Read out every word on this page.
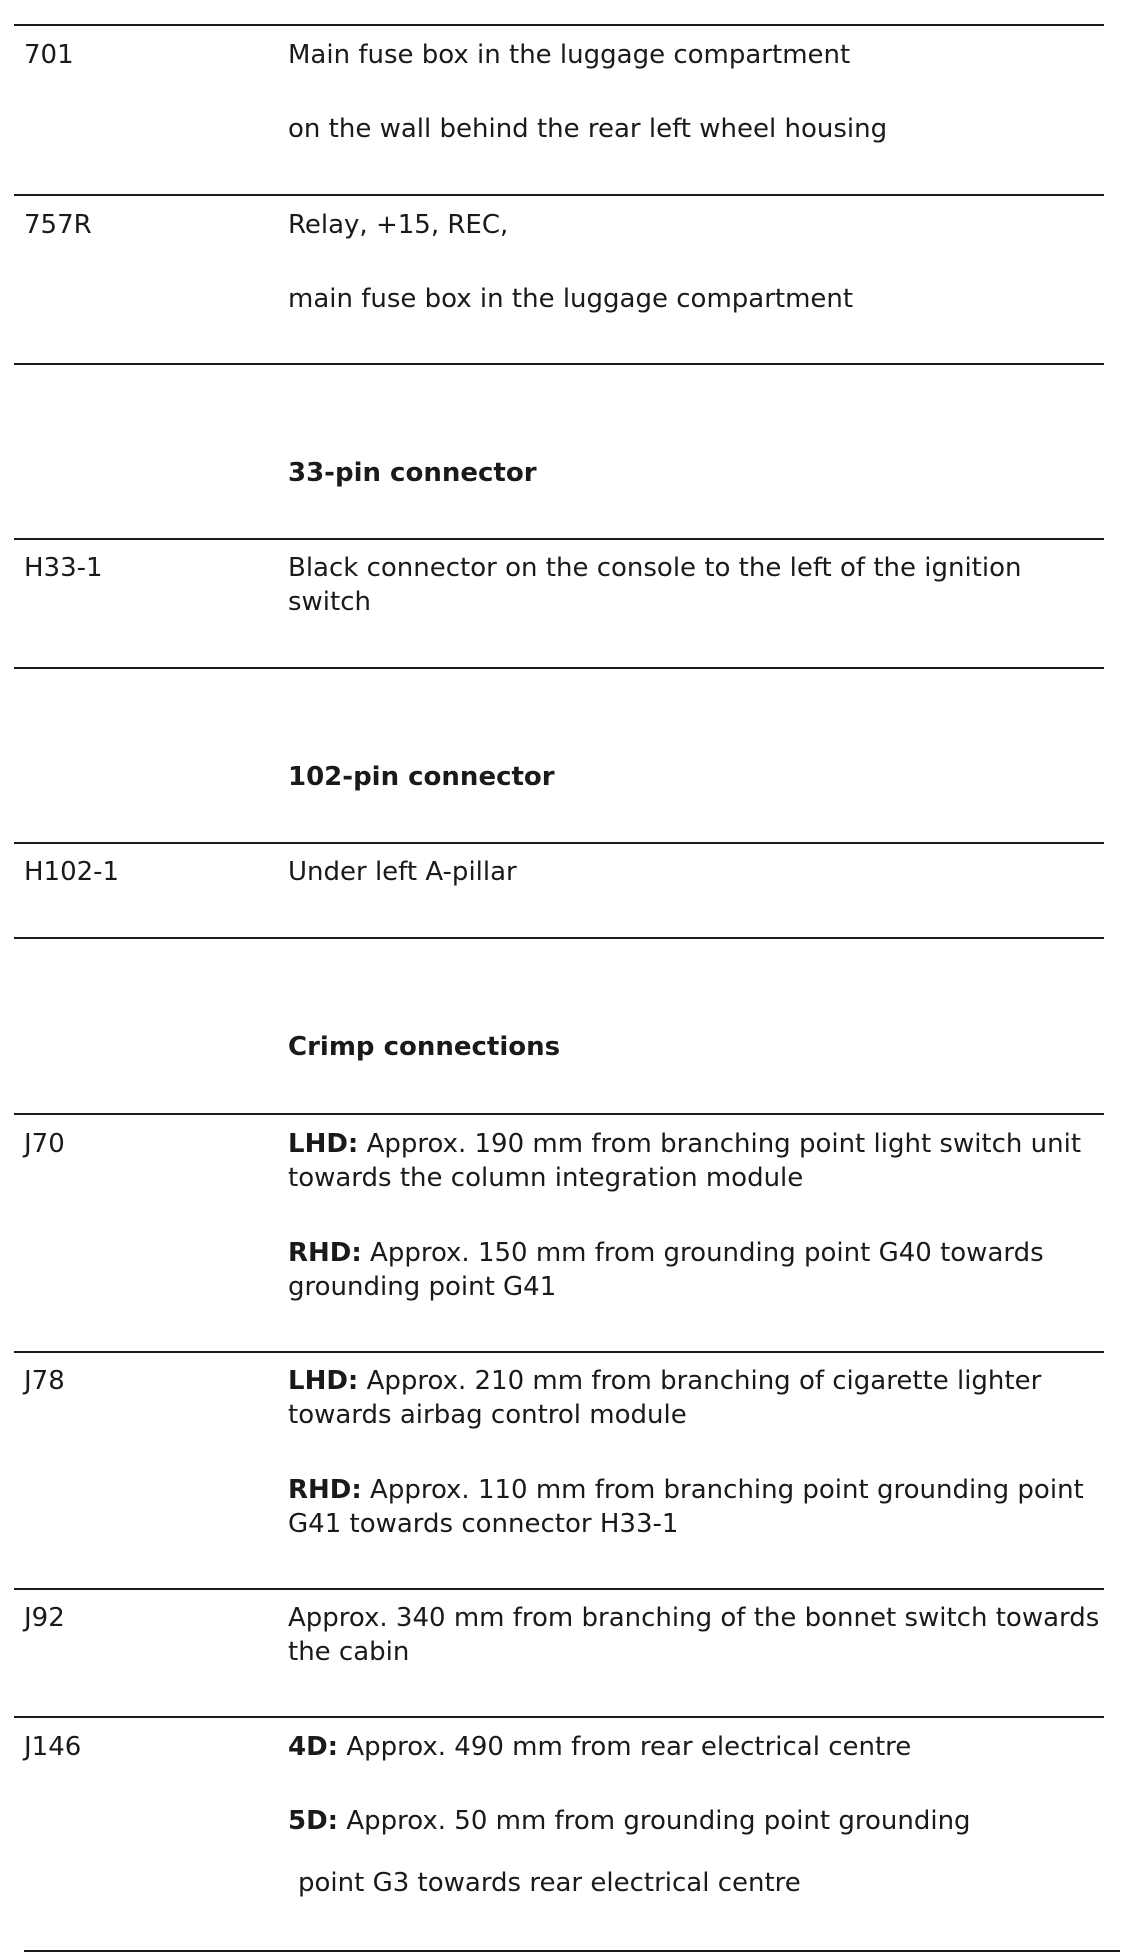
701	Main fuse box in the luggage compartment
on the wall behind the rear left wheel housing
757R	Relay, +15, REC,
main fuse box in the luggage compartment
33-pin connector
H33-1	Black connector on the console to the left of the ignition switch
102-pin connector
H102-1	Under left A-pillar
Crimp connections
J70	LHD: Approx. 190 mm from branching point light switch unit towards the column integration module
RHD: Approx. 150 mm from grounding point G40 towards grounding point G41
J78	LHD: Approx. 210 mm from branching of cigarette lighter towards airbag control module
RHD: Approx. 110 mm from branching point grounding point G41 towards connector H33-1
J92	Approx. 340 mm from branching of the bonnet switch towards the cabin
J146	4D: Approx. 490 mm from rear electrical centre
5D: Approx. 50 mm from grounding point grounding
point G3 towards rear electrical centre
